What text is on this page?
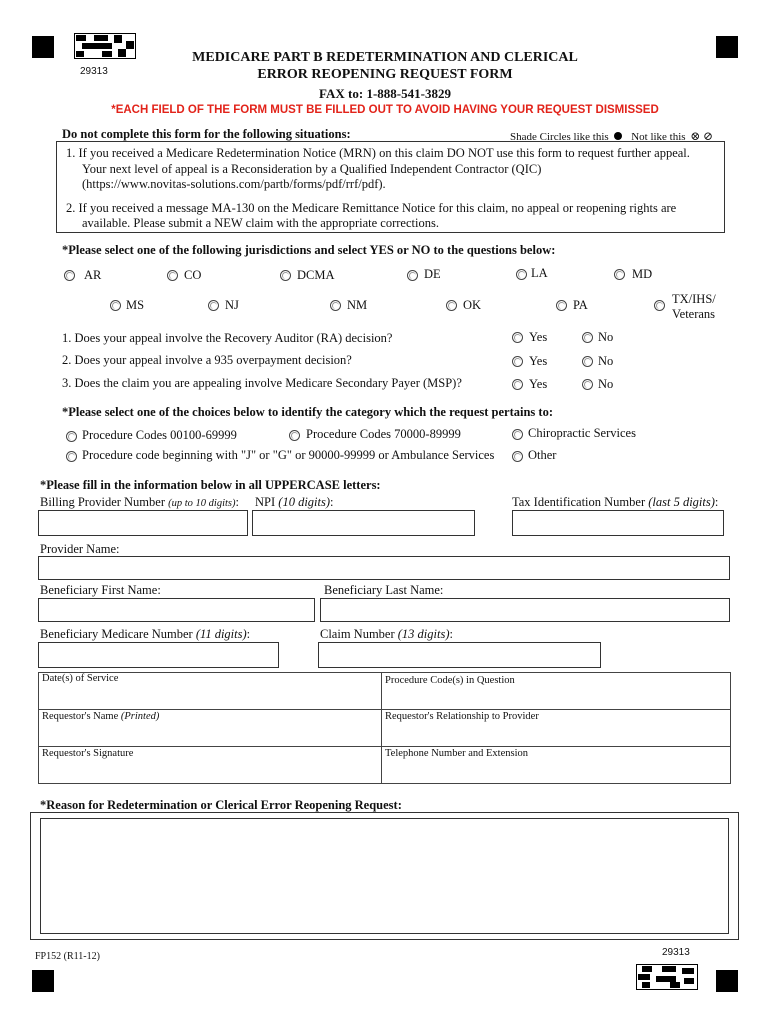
29313
MEDICARE PART B REDETERMINATION AND CLERICAL
ERROR REOPENING REQUEST FORM
FAX to: 1-888-541-3829
*EACH FIELD OF THE FORM MUST BE FILLED OUT TO AVOID HAVING YOUR REQUEST DISMISSED
Do not complete this form for the following situations:	Shade Circles like this Not like this ⊗ ⊘
1. If you received a Medicare Redetermination Notice (MRN) on this claim DO NOT use this form to request further appeal.
Your next level of appeal is a Reconsideration by a Qualified Independent Contractor (QIC)
(https://www.novitas-solutions.com/partb/forms/pdf/rrf/pdf).
2. If you received a message MA-130 on the Medicare Remittance Notice for this claim, no appeal or reopening rights are
available. Please submit a NEW claim with the appropriate corrections.
*Please select one of the following jurisdictions and select YES or NO to the questions below:
AR	CO	DCMA	DE	LA	MD
MS	NJ	NM	OK	PA	TX/IHS/
Veterans
1. Does your appeal involve the Recovery Auditor (RA) decision?	Yes	No
2. Does your appeal involve a 935 overpayment decision?	Yes	No
3. Does the claim you are appealing involve Medicare Secondary Payer (MSP)?	Yes	No
*Please select one of the choices below to identify the category which the request pertains to:
Procedure Codes 00100-69999	Procedure Codes 70000-89999	Chiropractic Services
Procedure code beginning with "J" or "G" or 90000-99999 or Ambulance Services	Other
*Please fill in the information below in all UPPERCASE letters:
Billing Provider Number (up to 10 digits): NPI (10 digits):	Tax Identification Number (last 5 digits):
Provider Name:
Beneficiary First Name:	Beneficiary Last Name:
Beneficiary Medicare Number (11 digits):	Claim Number (13 digits):
Date(s) of Service	Procedure Code(s) in Question
Requestor's Name (Printed)	Requestor's Relationship to Provider
Requestor's Signature	Telephone Number and Extension
*Reason for Redetermination or Clerical Error Reopening Request:
FP152 (R11-12)	29313
